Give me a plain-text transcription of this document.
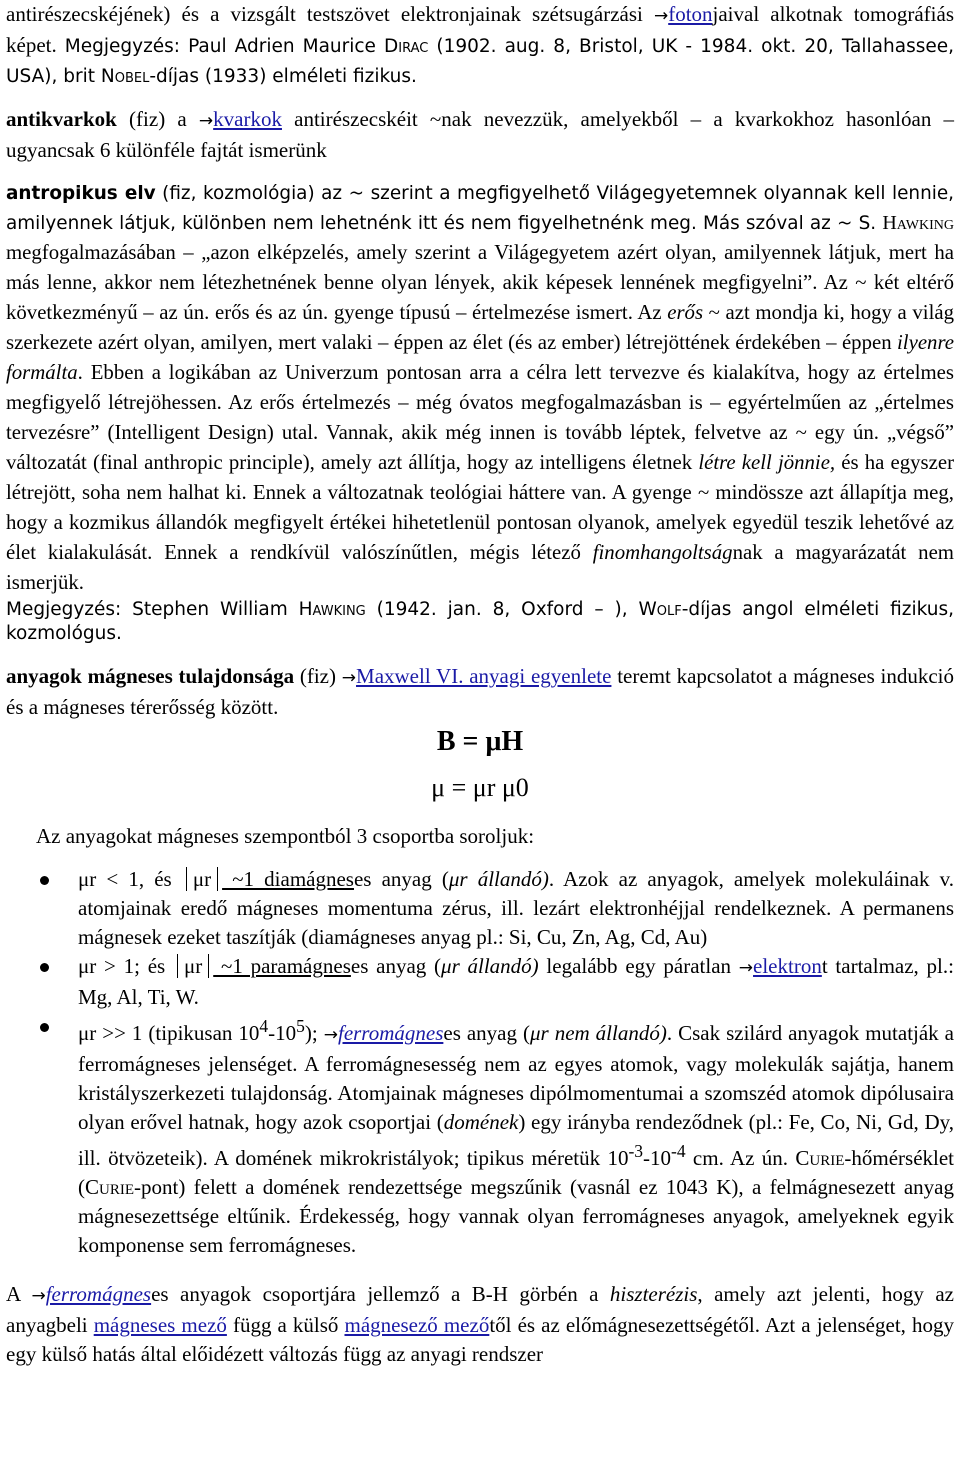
antirészecskéjének) és a vizsgált testszövet elektronjainak szétsugárzási →fotonjaival alkotnak tomográfiás képet. Megjegyzés: Paul Adrien Maurice Dirac (1902. aug. 8, Bristol, UK - 1984. okt. 20, Tallahassee, USA), brit Nobel-díjas (1933) elméleti fizikus.

antikvarkok (fiz) a →kvarkok antirészecskéit ~nak nevezzük, amelyekből – a kvarkokhoz hasonlóan – ugyancsak 6 különféle fajtát ismerünk

antropikus elv (fiz, kozmológia) az ~ szerint a megfigyelhető Világegyetemnek olyannak kell lennie, amilyennek látjuk, különben nem lehetnénk itt és nem figyelhetnénk meg. Más szóval az ~ S. Hawking megfogalmazásában – „azon elképzelés, amely szerint a Világegyetem azért olyan, amilyennek látjuk, mert ha más lenne, akkor nem létezhetnének benne olyan lények, akik képesek lennének megfigyelni”. Az ~ két eltérő következményű – az ún. erős és az ún. gyenge típusú – értelmezése ismert. Az erős ~ azt mondja ki, hogy a világ szerkezete azért olyan, amilyen, mert valaki – éppen az élet (és az ember) létrejöttének érdekében – éppen ilyenre formálta. Ebben a logikában az Univerzum pontosan arra a célra lett tervezve és kialakítva, hogy az értelmes megfigyelő létrejöhessen. Az erős értelmezés – még óvatos megfogalmazásban is – egyértelműen az „értelmes tervezésre” (Intelligent Design) utal. Vannak, akik még innen is tovább léptek, felvetve az ~ egy ún. „végső” változatát (final anthropic principle), amely azt állítja, hogy az intelligens életnek létre kell jönnie, és ha egyszer létrejött, soha nem halhat ki. Ennek a változatnak teológiai háttere van. A gyenge ~ mindössze azt állapítja meg, hogy a kozmikus állandók megfigyelt értékei hihetetlenül pontosan olyanok, amelyek egyedül teszik lehetővé az élet kialakulását. Ennek a rendkívül valószínűtlen, mégis létező finomhangoltságnak a magyarázatát nem ismerjük.

Megjegyzés: Stephen William Hawking (1942. jan. 8, Oxford – ), Wolf-díjas angol elméleti fizikus, kozmológus.

anyagok mágneses tulajdonsága (fiz) →Maxwell VI. anyagi egyenlete teremt kapcsolatot a mágneses indukció és a mágneses térerősség között.

B = μH
μ = μr μ0

Az anyagokat mágneses szempontból 3 csoportba soroljuk:

μr < 1, és μr ~1 diamágneses anyag (μr állandó). Azok az anyagok, amelyek molekuláinak v. atomjainak eredő mágneses momentuma zérus, ill. lezárt elektronhéjjal rendelkeznek. A permanens mágnesek ezeket taszítják (diamágneses anyag pl.: Si, Cu, Zn, Ag, Cd, Au)
μr > 1; és μr ~1 paramágneses anyag (μr állandó) legalább egy páratlan →elektront tartalmaz, pl.: Mg, Al, Ti, W.
μr >> 1 (tipikusan $10^4-10^5$); →ferromágneses anyag (μr nem állandó). Csak szilárd anyagok mutatják a ferromágneses jelenséget. A ferromágnesesség nem az egyes atomok, vagy molekulák sajátja, hanem kristályszerkezeti tulajdonság. Atomjainak mágneses dipólmomentumai a szomszéd atomok dipólusaira olyan erővel hatnak, hogy azok csoportjai (domének) egy irányba rendeződnek (pl.: Fe, Co, Ni, Gd, Dy, ill. ötvözeteik). A domének mikrokristályok; tipikus méretük $10^{-3}-10^{-4}$ cm. Az ún. Curie-hőmérséklet (Curie-pont) felett a domének rendezettsége megszűnik (vasnál ez 1043 K), a felmágnesezett anyag mágnesezettsége eltűnik. Érdekesség, hogy vannak olyan ferromágneses anyagok, amelyeknek egyik komponense sem ferromágneses.

A →ferromágneses anyagok csoportjára jellemző a B-H görbén a hiszterézis, amely azt jelenti, hogy az anyagbeli mágneses mező függ a külső mágnesező mezőtől és az előmágnesezettségétől. Azt a jelenséget, hogy egy külső hatás által előidézett változás függ az anyagi rendszer
